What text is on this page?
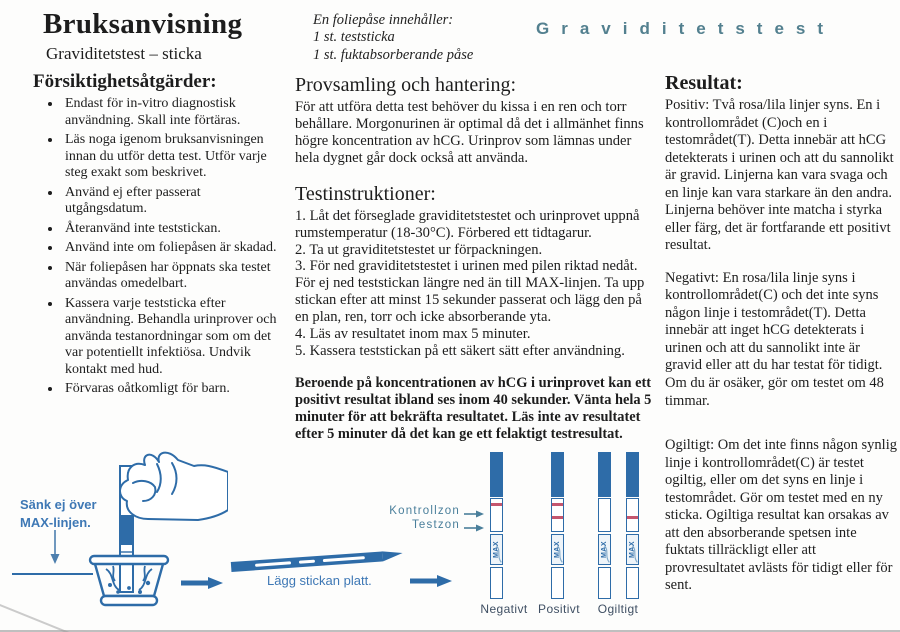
Bruksanvisning
Graviditetstest – sticka
Försiktighetsåtgärder:
• Endast för in-vitro diagnostisk användning. Skall inte förtäras.
• Läs noga igenom bruksanvisningen innan du utför detta test. Utför varje steg exakt som beskrivet.
• Använd ej efter passerat utgångsdatum.
• Återanvänd inte teststickan.
• Använd inte om foliepåsen är skadad.
• När foliepåsen har öppnats ska testet användas omedelbart.
• Kassera varje teststicka efter användning. Behandla urinprover och använda testanordningar som om det var potentiellt infektiösa. Undvik kontakt med hud.
• Förvaras oåtkomligt för barn.
En foliepåse innehåller:
1 st. teststicka
1 st. fuktabsorberande påse
Graviditetstest
Provsamling och hantering:

För att utföra detta test behöver du kissa i en ren och torr behållare. Morgonurinen är optimal då det i allmänhet finns högre koncentration av hCG. Urinprov som lämnas under hela dygnet går dock också att använda.

Testinstruktioner:
1. Låt det förseglade graviditetstestet och urinprovet uppnå rumstemperatur (18-30°C). Förbered ett tidtagarur.
2. Ta ut graviditetstestet ur förpackningen.
3. För ned graviditetstestet i urinen med pilen riktad nedåt. För ej ned teststickan längre ned än till MAX-linjen. Ta upp stickan efter att minst 15 sekunder passerat och lägg den på en plan, ren, torr och icke absorberande yta.
4. Läs av resultatet inom max 5 minuter.
5. Kassera teststickan på ett säkert sätt efter användning.

Beroende på koncentrationen av hCG i urinprovet kan ett positivt resultat ibland ses inom 40 sekunder. Vänta hela 5 minuter för att bekräfta resultatet. Läs inte av resultatet efter 5 minuter då det kan ge ett felaktigt testresultat.

Resultat:

Positiv: Två rosa/lila linjer syns. En i kontrollområdet (C)och en i testområdet(T). Detta innebär att hCG detekterats i urinen och att du sannolikt är gravid. Linjerna kan vara svaga och en linje kan vara starkare än den andra. Linjerna behöver inte matcha i styrka eller färg, det är fortfarande ett positivt resultat.

Negativt: En rosa/lila linje syns i kontrollområdet(C) och det inte syns någon linje i testområdet(T). Detta innebär att inget hCG detekterats i urinen och att du sannolikt inte är gravid eller att du har testat för tidigt. Om du är osäker, gör om testet om 48 timmar.

Ogiltigt: Om det inte finns någon synlig linje i kontrollområdet(C) är testet ogiltig, eller om det syns en linje i testområdet. Gör om testet med en ny sticka. Ogiltiga resultat kan orsakas av att den absorberande spetsen inte fuktats tillräckligt eller att provresultatet avlästs för tidigt eller för sent.

Sänk ej över
MAX-linjen.
Lägg stickan platt.
Kontrollzon
Testzon
MAX	MAX	MAX	MAX
Negativt Positivt	Ogiltigt
